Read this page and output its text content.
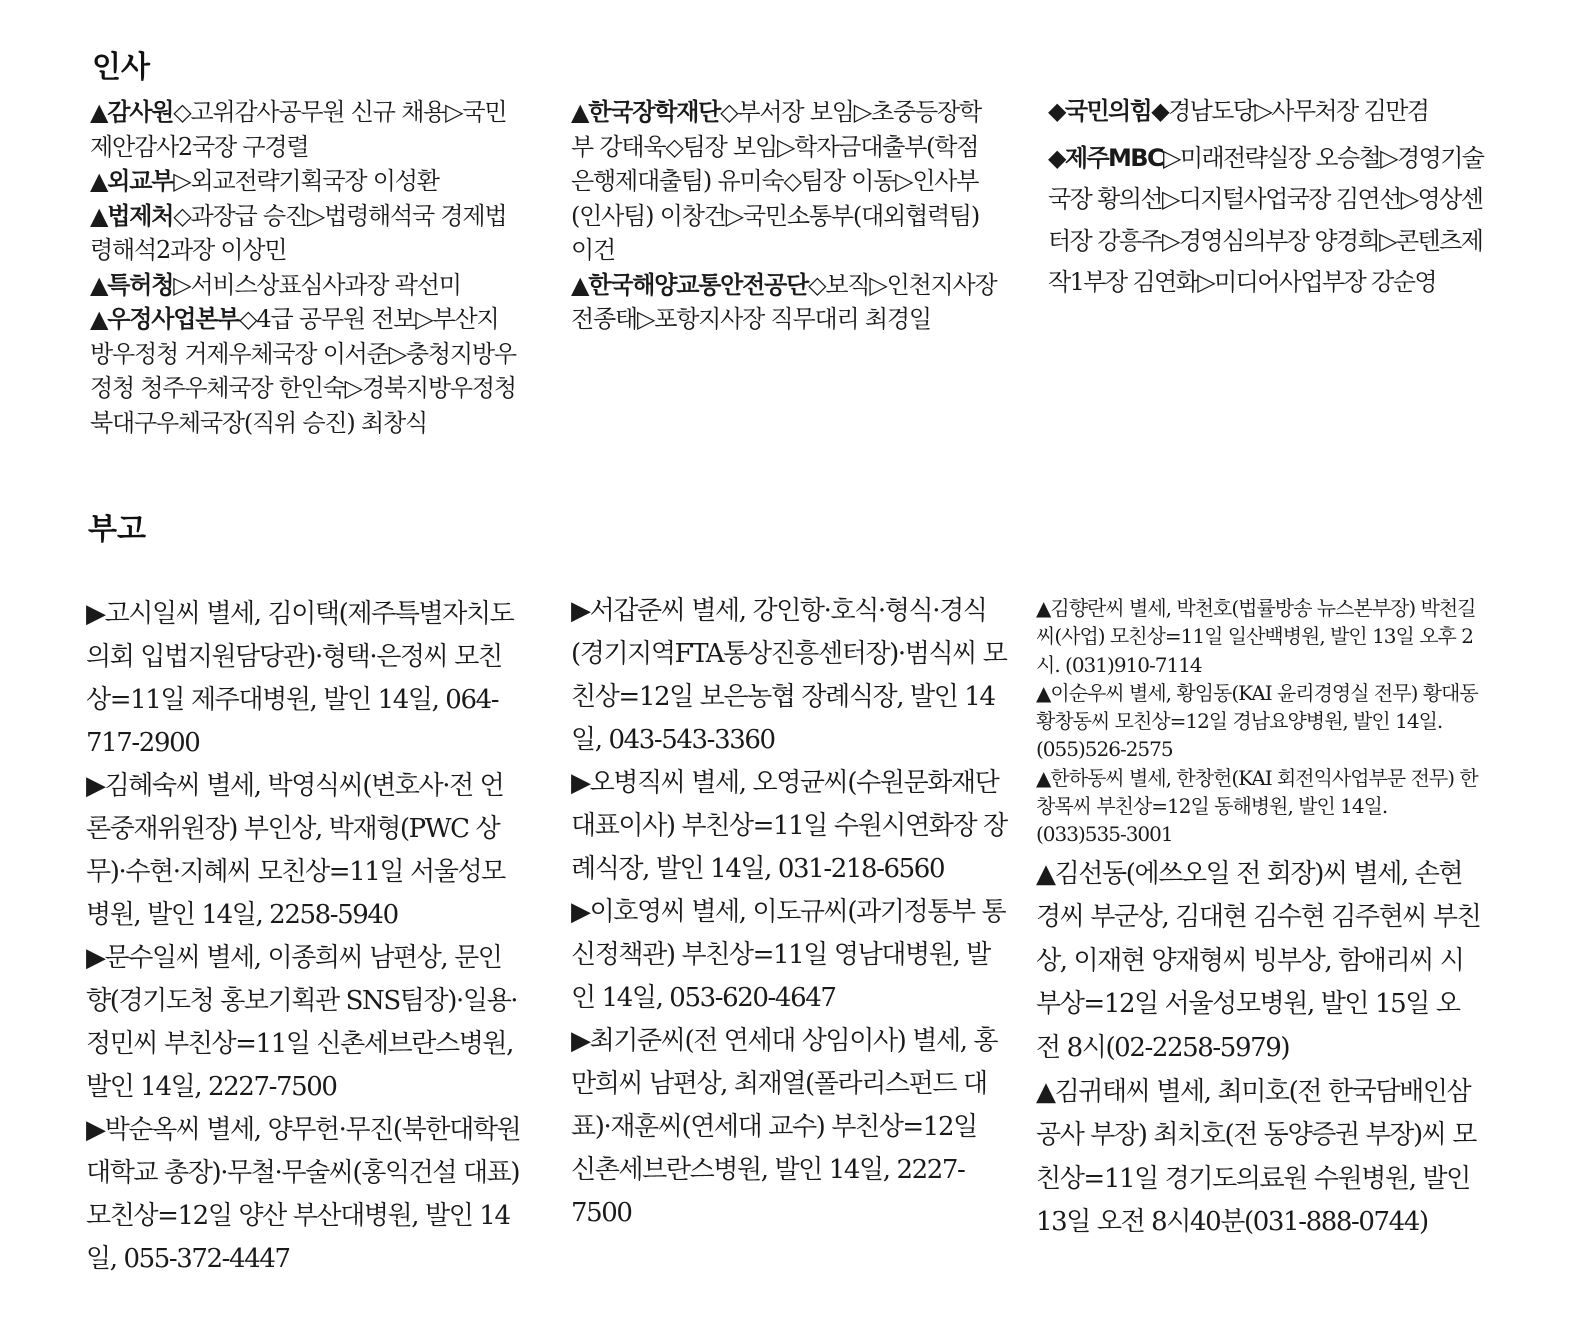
인사

▲감사원◇고위감사공무원 신규 채용▷국민제안감사2국장 구경렬

▲외교부▷외교전략기획국장 이성환

▲법제처◇과장급 승진▷법령해석국 경제법령해석2과장 이상민

▲특허청▷서비스상표심사과장 곽선미

▲우정사업본부◇4급 공무원 전보▷부산지방우정청 거제우체국장 이서준▷충청지방우정청 청주우체국장 한인숙▷경북지방우정청 북대구우체국장(직위 승진) 최창식

▲한국장학재단◇부서장 보임▷초중등장학부 강태욱◇팀장 보임▷학자금대출부(학점은행제대출팀) 유미숙◇팀장 이동▷인사부(인사팀) 이창건▷국민소통부(대외협력팀) 이건

▲한국해양교통안전공단◇보직▷인천지사장 전종태▷포항지사장 직무대리 최경일

◆국민의힘◆경남도당▷사무처장 김만겸

◆제주MBC▷미래전략실장 오승철▷경영기술국장 황의선▷디지털사업국장 김연선▷영상센터장 강흥주▷경영심의부장 양경희▷콘텐츠제작1부장 김연화▷미디어사업부장 강순영

부고

▶고시일씨 별세, 김이택(제주특별자치도의회 입법지원담당관)·형택·은정씨 모친상=11일 제주대병원, 발인 14일, 064-717-2900

▶김혜숙씨 별세, 박영식씨(변호사·전 언론중재위원장) 부인상, 박재형(PWC 상무)·수현·지혜씨 모친상=11일 서울성모병원, 발인 14일, 2258-5940

▶문수일씨 별세, 이종희씨 남편상, 문인향(경기도청 홍보기획관 SNS팀장)·일용·정민씨 부친상=11일 신촌세브란스병원, 발인 14일, 2227-7500

▶박순옥씨 별세, 양무헌·무진(북한대학원대학교 총장)·무철·무술씨(홍익건설 대표) 모친상=12일 양산 부산대병원, 발인 14일, 055-372-4447

▶서갑준씨 별세, 강인항·호식·형식·경식(경기지역FTA통상진흥센터장)·범식씨 모친상=12일 보은농협 장례식장, 발인 14일, 043-543-3360

▶오병직씨 별세, 오영균씨(수원문화재단 대표이사) 부친상=11일 수원시연화장 장례식장, 발인 14일, 031-218-6560

▶이호영씨 별세, 이도규씨(과기정통부 통신정책관) 부친상=11일 영남대병원, 발인 14일, 053-620-4647

▶최기준씨(전 연세대 상임이사) 별세, 홍만희씨 남편상, 최재열(폴라리스펀드 대표)·재훈씨(연세대 교수) 부친상=12일 신촌세브란스병원, 발인 14일, 2227-7500

▲김향란씨 별세, 박천호(법률방송 뉴스본부장) 박천길씨(사업) 모친상=11일 일산백병원, 발인 13일 오후 2시. (031)910-7114

▲이순우씨 별세, 황임동(KAI 윤리경영실 전무) 황대동 황창동씨 모친상=12일 경남요양병원, 발인 14일. (055)526-2575

▲한하동씨 별세, 한창헌(KAI 회전익사업부문 전무) 한창목씨 부친상=12일 동해병원, 발인 14일. (033)535-3001

▲김선동(에쓰오일 전 회장)씨 별세, 손현경씨 부군상, 김대현 김수현 김주현씨 부친상, 이재현 양재형씨 빙부상, 함애리씨 시부상=12일 서울성모병원, 발인 15일 오전 8시(02-2258-5979)

▲김귀태씨 별세, 최미호(전 한국담배인삼공사 부장) 최치호(전 동양증권 부장)씨 모친상=11일 경기도의료원 수원병원, 발인 13일 오전 8시40분(031-888-0744)
